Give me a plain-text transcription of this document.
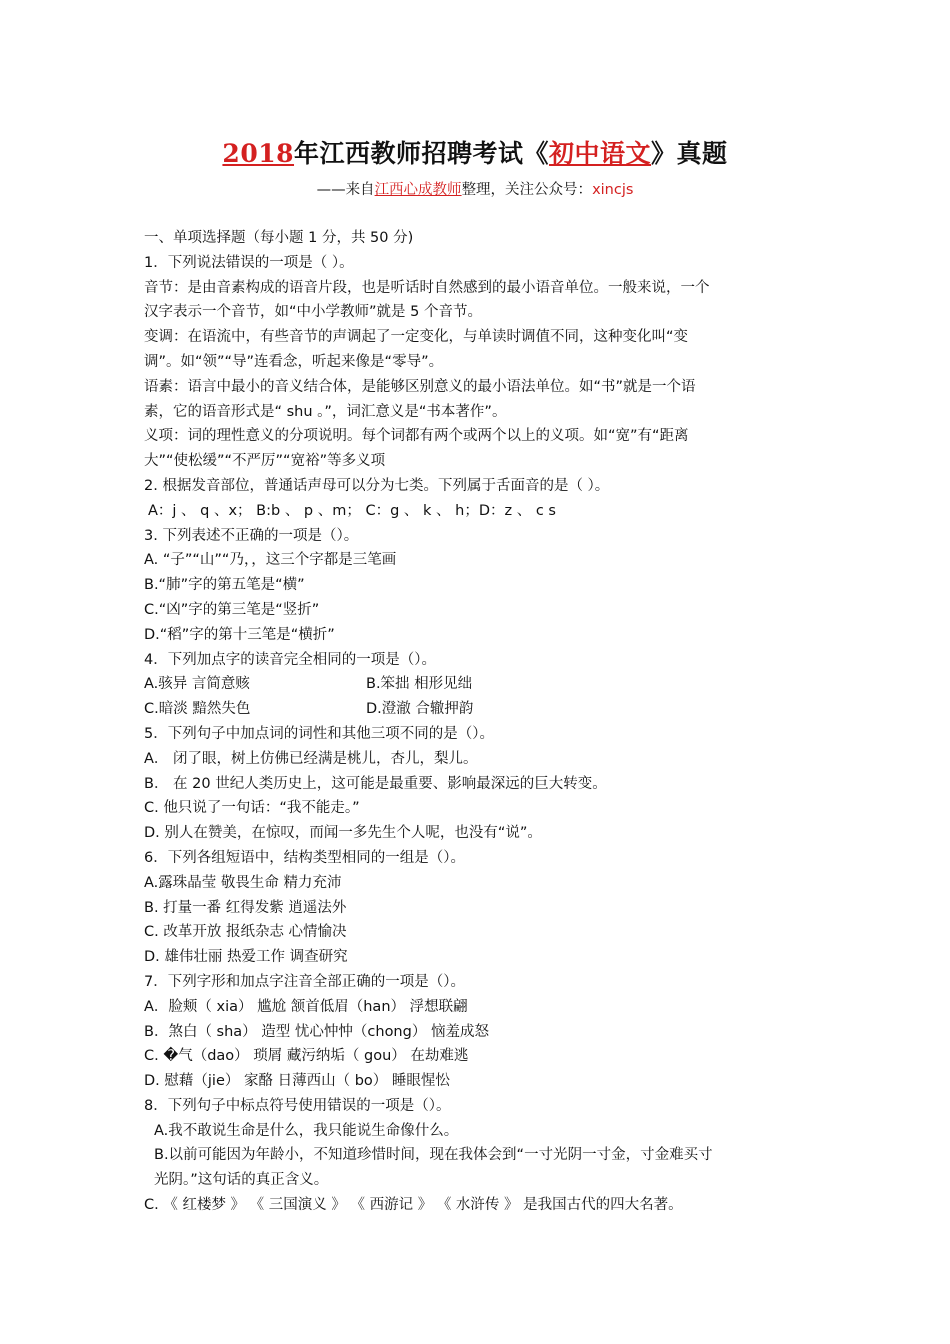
2018年江西教师招聘考试《初中语文》真题
——来自江西心成教师整理，关注公众号：xincjs
一、单项选择题（每小题 1 分，共 50 分)
1．下列说法错误的一项是（ ）。
音节：是由音素构成的语音片段，也是听话时自然感到的最小语音单位。一般来说，一个
汉字表示一个音节，如“中小学教师”就是 5 个音节。
变调：在语流中，有些音节的声调起了一定变化，与单读时调值不同，这种变化叫“变
调”。如“领”“导”连看念，听起来像是“零导”。
语素：语言中最小的音义结合体，是能够区别意义的最小语法单位。如“书”就是一个语
素，它的语音形式是“ shu 。”，词汇意义是“书本著作”。
义项：词的理性意义的分项说明。每个词都有两个或两个以上的义项。如“宽”有“距离
大”“使松缓”“不严厉”“宽裕”等多义项
2. 根据发音部位，普通话声母可以分为七类。下列属于舌面音的是（ ）。
A：j 、 q 、x； B:b 、 p 、m； C：g 、 k 、 h；D：z 、 c s
3. 下列表述不正确的一项是（）。
A. “子”“山”“乃，，这三个字都是三笔画
B.“肺”字的第五笔是“横”
C.“凶”字的第三笔是“竖折”
D.“稻”字的第十三笔是“横折”
4．下列加点字的读音完全相同的一项是（）。
A.骇异 言简意赅	B.笨拙 相形见绌
C.暗淡 黯然失色	D.澄澈 合辙押韵
5．下列句子中加点词的词性和其他三项不同的是（）。
A． 闭了眼，树上仿佛已经满是桃儿，杏儿，梨儿。
B． 在 20 世纪人类历史上，这可能是最重要、影响最深远的巨大转变。
C. 他只说了一句话：“我不能走。”
D. 别人在赞美，在惊叹，而闻一多先生个人呢，也没有“说”。
6．下列各组短语中，结构类型相同的一组是（）。
A.露珠晶莹 敬畏生命 精力充沛
B. 打量一番 红得发紫 逍遥法外
C. 改革开放 报纸杂志 心情愉决
D. 雄伟壮丽 热爱工作 调查研究
7．下列字形和加点字注音全部正确的一项是（）。
A．脸颊（ xia） 尴尬 颔首低眉（han） 浮想联翩
B．煞白（ sha） 造型 忧心忡忡（chong） 恼羞成怒
C. �气（dao） 琐屑 藏污纳垢（ gou） 在劫难逃
D. 慰藉（jie） 家酪 日薄西山（ bo） 睡眼惺忪
8．下列句子中标点符号使用错误的一项是（）。
A.我不敢说生命是什么，我只能说生命像什么。
B.以前可能因为年龄小，不知道珍惜时间，现在我体会到“一寸光阴一寸金，寸金难买寸
光阴。”这句话的真正含义。
C. 《 红楼梦 》 《 三国演义 》 《 西游记 》 《 水浒传 》 是我国古代的四大名著。
